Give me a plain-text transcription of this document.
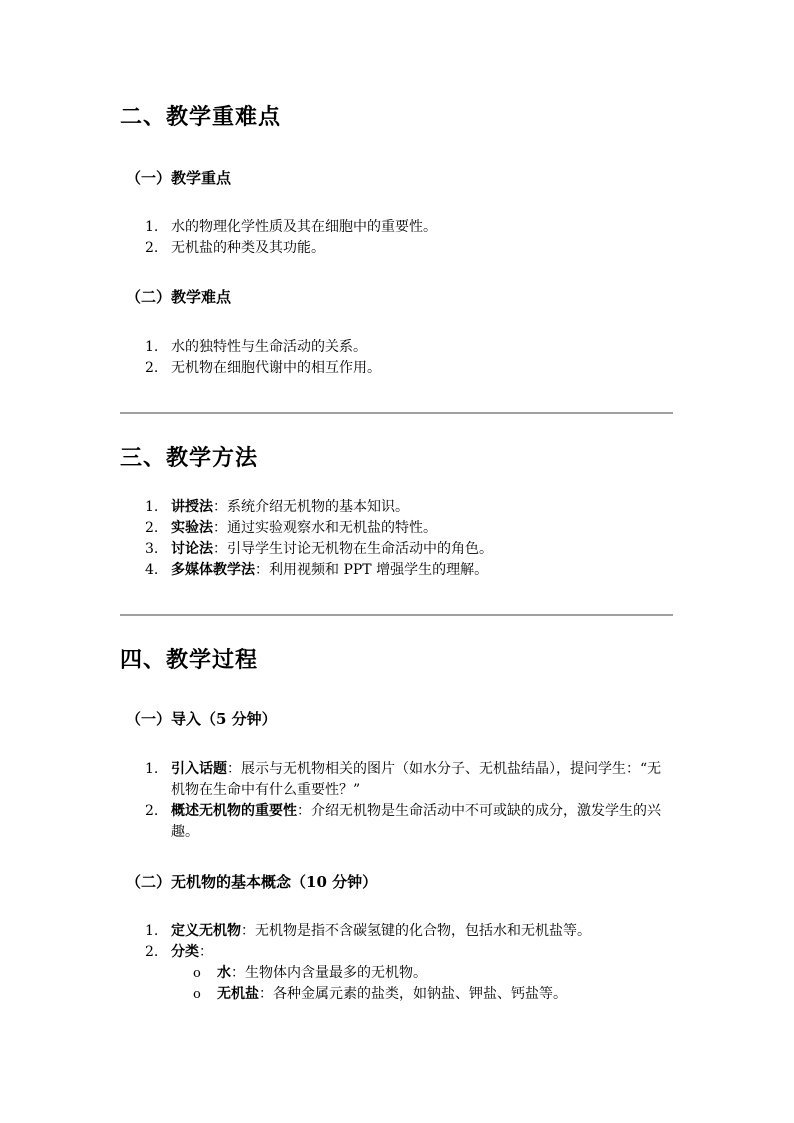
二、教学重难点
（一）教学重点
1. 水的物理化学性质及其在细胞中的重要性。
2. 无机盐的种类及其功能。
（二）教学难点
1. 水的独特性与生命活动的关系。
2. 无机物在细胞代谢中的相互作用。
三、教学方法
1. 讲授法：系统介绍无机物的基本知识。
2. 实验法：通过实验观察水和无机盐的特性。
3. 讨论法：引导学生讨论无机物在生命活动中的角色。
4. 多媒体教学法：利用视频和 PPT 增强学生的理解。
四、教学过程
（一）导入（5 分钟）
1. 引入话题：展示与无机物相关的图片（如水分子、无机盐结晶），提问学生：“无机物在生命中有什么重要性？”
2. 概述无机物的重要性：介绍无机物是生命活动中不可或缺的成分，激发学生的兴趣。
（二）无机物的基本概念（10 分钟）
1. 定义无机物：无机物是指不含碳氢键的化合物，包括水和无机盐等。
2. 分类：
o 水：生物体内含量最多的无机物。
o 无机盐：各种金属元素的盐类，如钠盐、钾盐、钙盐等。
